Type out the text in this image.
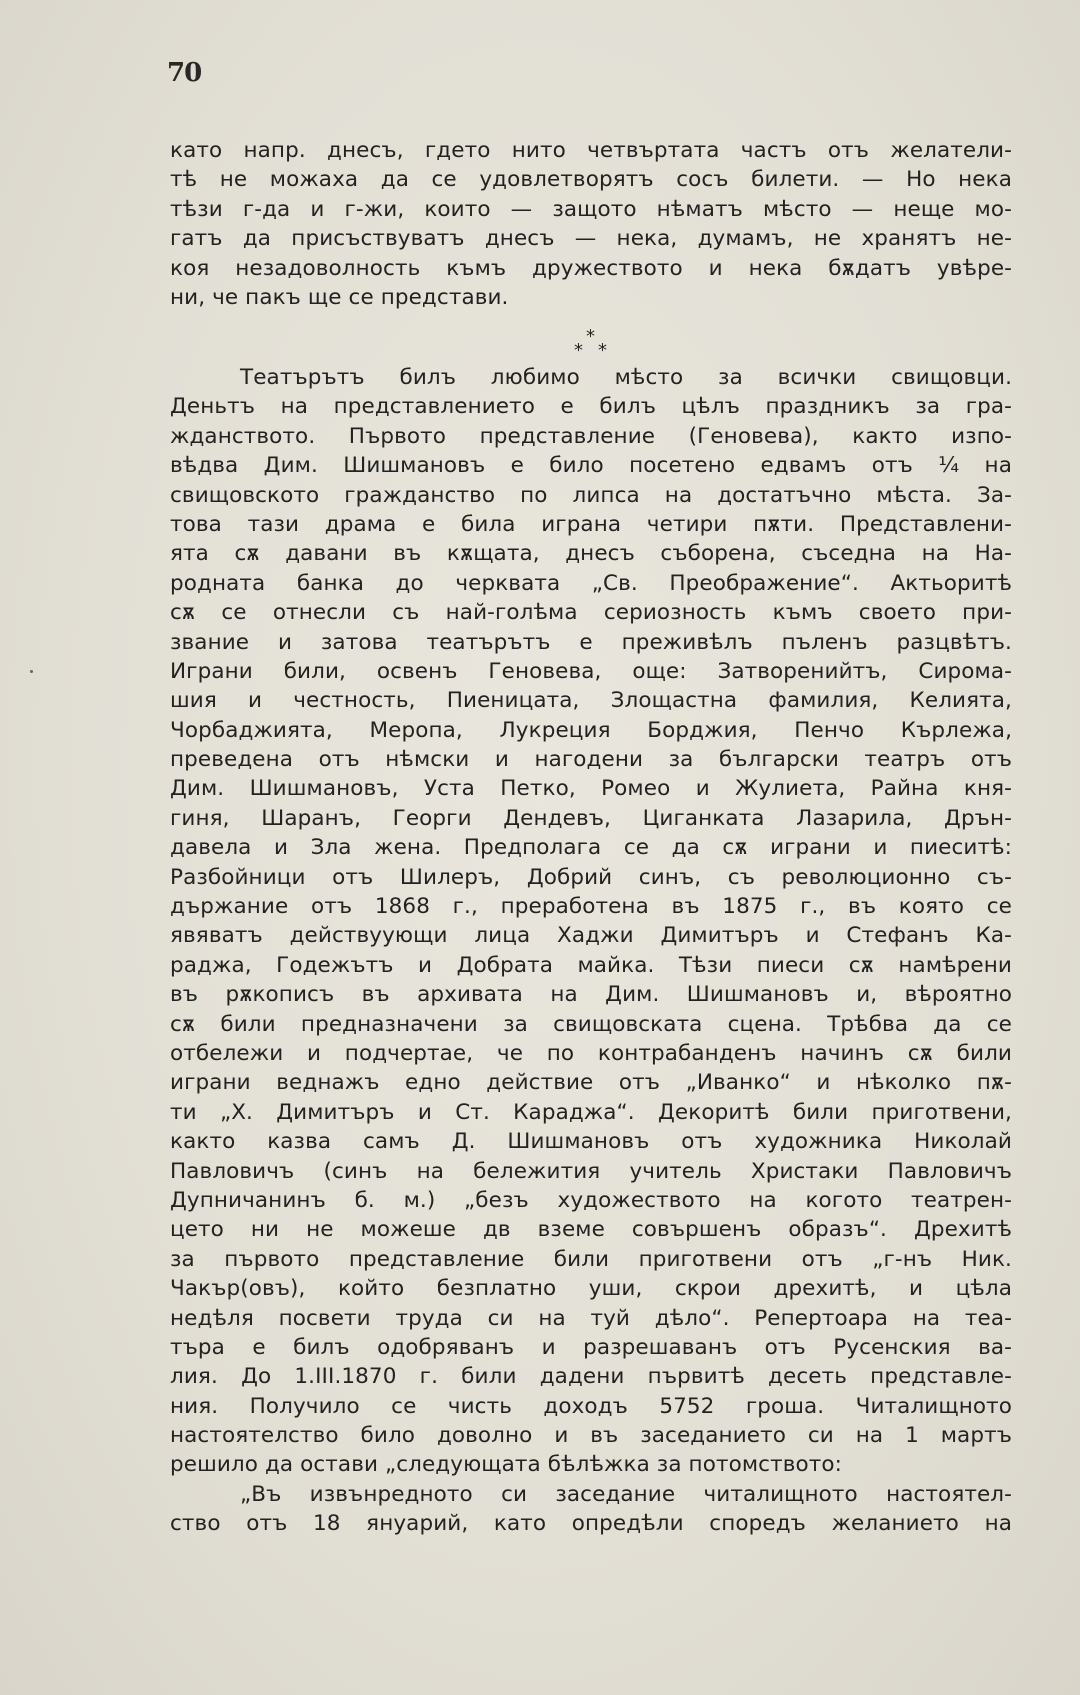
70
като напр. днесъ, гдето нито четвъртата частъ отъ желатели-
тѣ не можаха да се удовлетворятъ сосъ билети. — Но нека
тѣзи г-да и г-жи, които — защото нѣматъ мѣсто — неще мо-
гатъ да присъствуватъ днесъ — нека, думамъ, не хранятъ не-
коя незадоволность къмъ дружеството и нека бѫдатъ увѣре-
ни, че пакъ ще се представи.
*
* *
Театърътъ билъ любимо мѣсто за всички свищовци.
Деньтъ на представлението е билъ цѣлъ праздникъ за гра-
жданството. Първото представление (Геновева), както изпо-
вѣдва Дим. Шишмановъ е било посетено едвамъ отъ ¼ на
свищовското гражданство по липса на достатъчно мѣста. За-
това тази драма е била играна четири пѫти. Представлени-
ята сѫ давани въ кѫщата, днесъ съборена, съседна на На-
родната банка до черквата „Св. Преображение“. Актьоритѣ
сѫ се отнесли съ най-голѣма сериозность къмъ своето при-
звание и затова театърътъ е преживѣлъ пъленъ разцвѣтъ.
Играни били, освенъ Геновева, още: Затворенийтъ, Сирома-
шия и честность, Пиеницата, Злощастна фамилия, Келията,
Чорбаджията, Меропа, Лукреция Борджия, Пенчо Кърлежа,
преведена отъ нѣмски и нагодени за български театръ отъ
Дим. Шишмановъ, Уста Петко, Ромео и Жулиета, Райна кня-
гиня, Шаранъ, Георги Дендевъ, Циганката Лазарила, Дрън-
давела и Зла жена. Предполага се да сѫ играни и пиеситѣ:
Разбойници отъ Шилеръ, Добрий синъ, съ революционно съ-
държание отъ 1868 г., преработена въ 1875 г., въ която се
явяватъ действуующи лица Хаджи Димитъръ и Стефанъ Ка-
раджа, Годежътъ и Добрата майка. Тѣзи пиеси сѫ намѣрени
въ рѫкописъ въ архивата на Дим. Шишмановъ и, вѣроятно
сѫ били предназначени за свищовската сцена. Трѣбва да се
отбележи и подчертае, че по контрабанденъ начинъ сѫ били
играни веднажъ едно действие отъ „Иванко“ и нѣколко пѫ-
ти „Х. Димитъръ и Ст. Караджа“. Декоритѣ били приготвени,
както казва самъ Д. Шишмановъ отъ художника Николай
Павловичъ (синъ на бележития учитель Христаки Павловичъ
Дупничанинъ б. м.) „безъ художеството на когото театрен-
цето ни не можеше дв вземе совършенъ образъ“. Дрехитѣ
за първото представление били приготвени отъ „г-нъ Ник.
Чакър(овъ), който безплатно уши, скрои дрехитѣ, и цѣла
недѣля посвети труда си на туй дѣло“. Репертоара на теа-
търа е билъ одобряванъ и разрешаванъ отъ Русенския ва-
лия. До 1.III.1870 г. били дадени първитѣ десеть представле-
ния. Получило се чисть доходъ 5752 гроша. Читалищното
настоятелство било доволно и въ заседанието си на 1 мартъ
решило да остави „следующата бѣлѣжка за потомството:
„Въ извънредното си заседание читалищното настоятел-
ство отъ 18 януарий, като опредѣли споредъ желанието на
